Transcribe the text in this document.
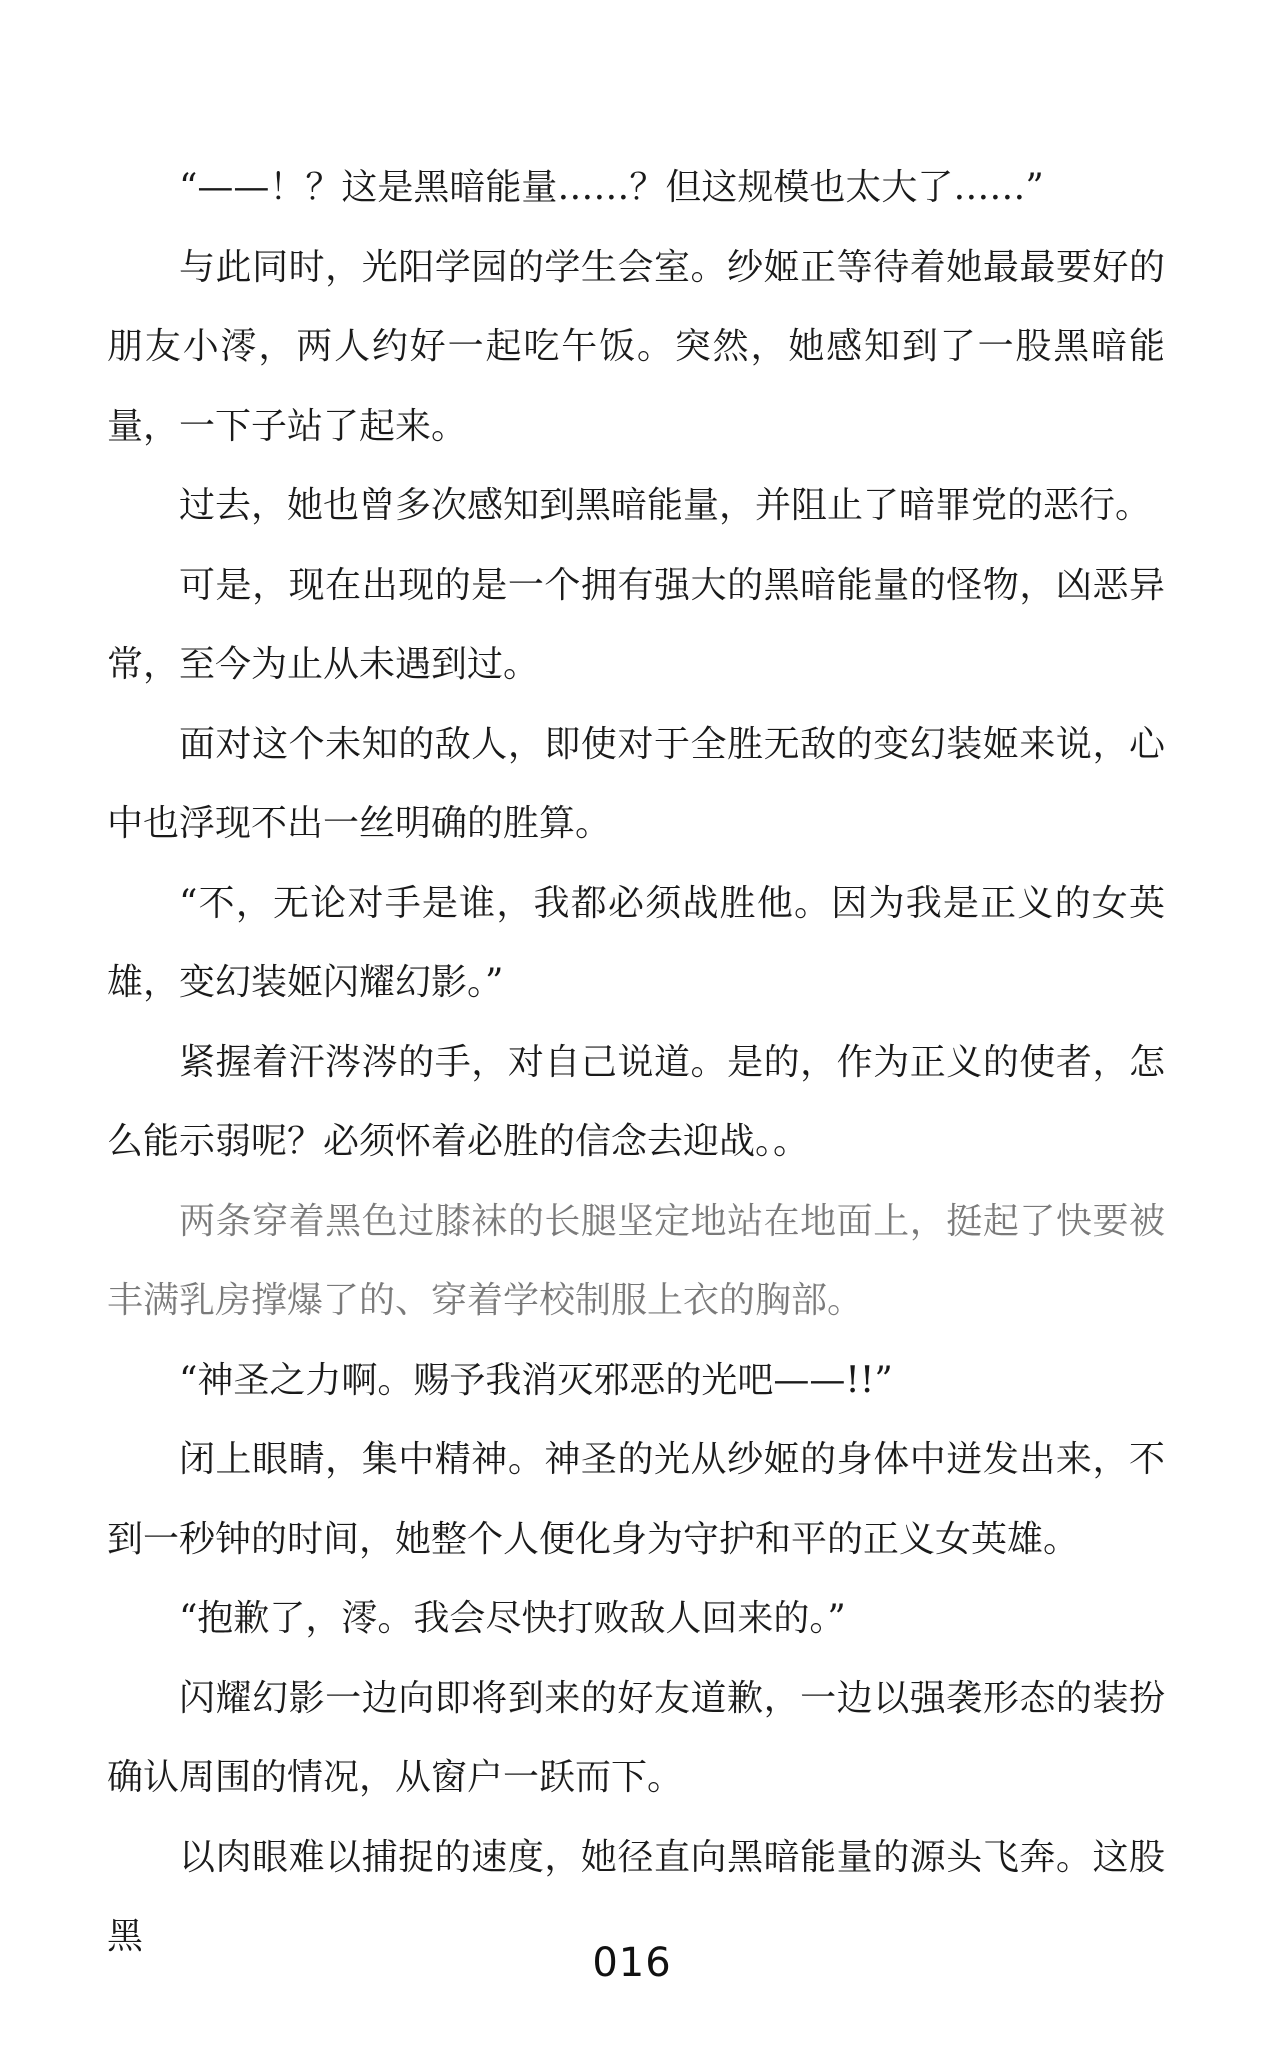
“——！？这是黑暗能量……？但这规模也太大了……”

与此同时，光阳学园的学生会室。纱姬正等待着她最最要好的朋友小澪，两人约好一起吃午饭。突然，她感知到了一股黑暗能量，一下子站了起来。

过去，她也曾多次感知到黑暗能量，并阻止了暗罪党的恶行。

可是，现在出现的是一个拥有强大的黑暗能量的怪物，凶恶异常，至今为止从未遇到过。

面对这个未知的敌人，即使对于全胜无敌的变幻装姬来说，心中也浮现不出一丝明确的胜算。

“不，无论对手是谁，我都必须战胜他。因为我是正义的女英雄，变幻装姬闪耀幻影。”

紧握着汗涔涔的手，对自己说道。是的，作为正义的使者，怎么能示弱呢？必须怀着必胜的信念去迎战。。

两条穿着黑色过膝袜的长腿坚定地站在地面上，挺起了快要被丰满乳房撑爆了的、穿着学校制服上衣的胸部。

“神圣之力啊。赐予我消灭邪恶的光吧——!!”

闭上眼睛，集中精神。神圣的光从纱姬的身体中迸发出来，不到一秒钟的时间，她整个人便化身为守护和平的正义女英雄。

“抱歉了，澪。我会尽快打败敌人回来的。”

闪耀幻影一边向即将到来的好友道歉，一边以强袭形态的装扮确认周围的情况，从窗户一跃而下。

以肉眼难以捕捉的速度，她径直向黑暗能量的源头飞奔。这股黑

016
